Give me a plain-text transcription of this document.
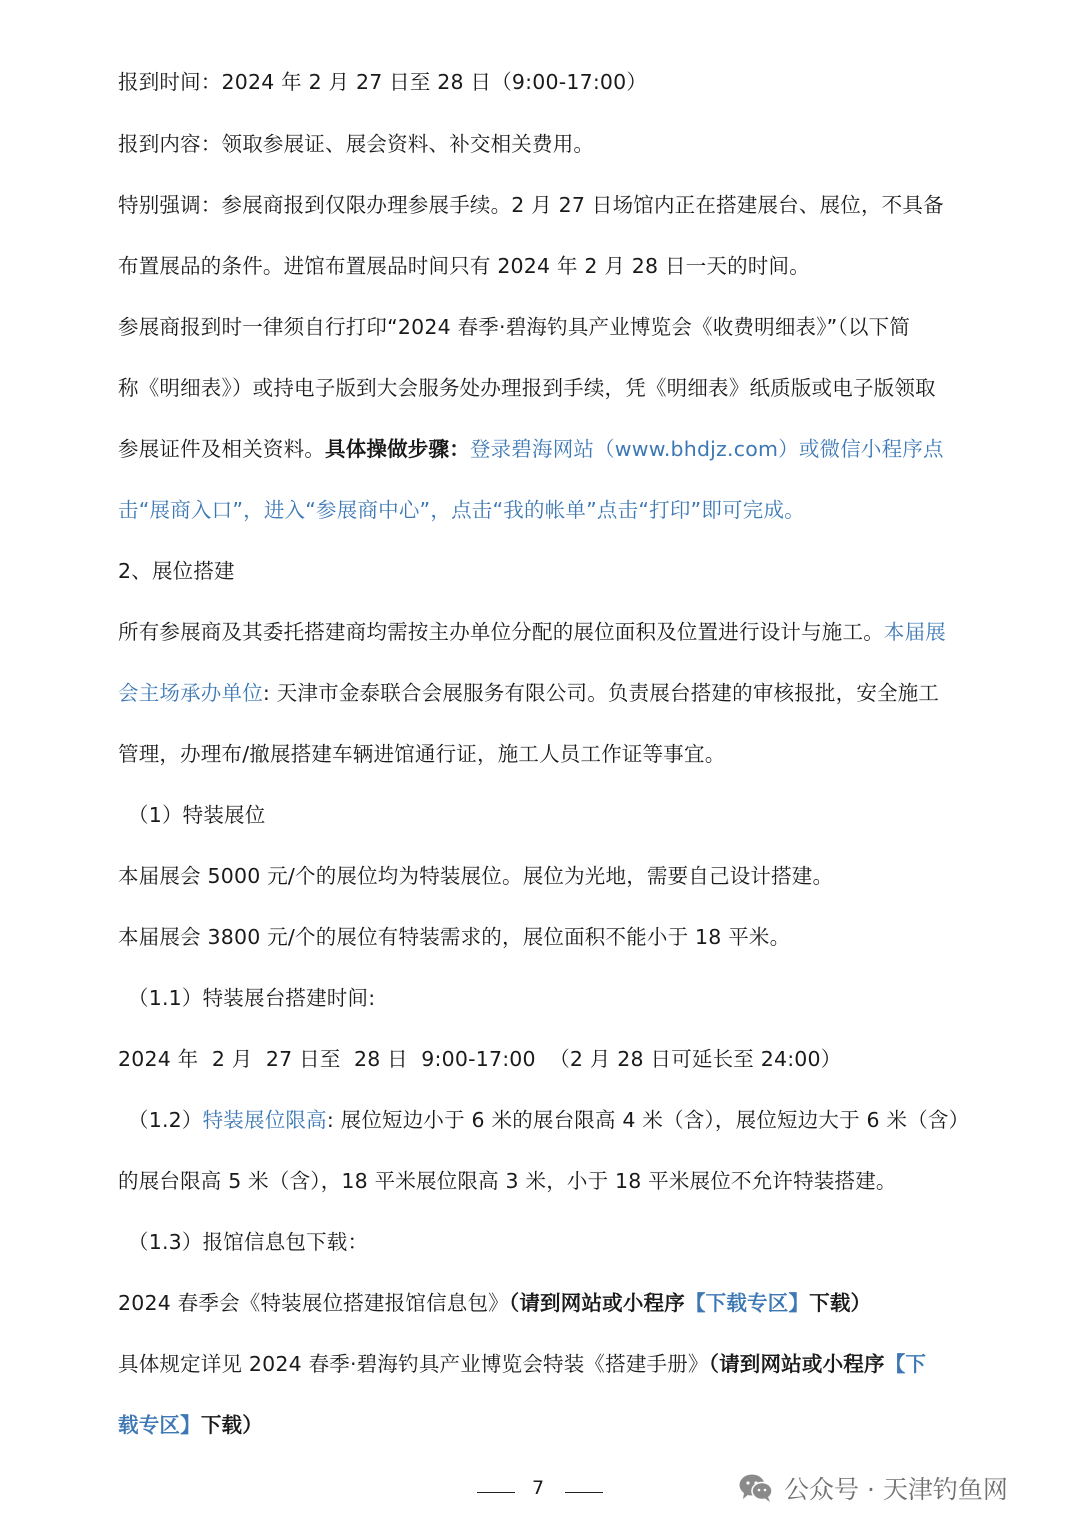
报到时间：2024 年 2 月 27 日至 28 日（9:00-17:00）
报到内容：领取参展证、展会资料、补交相关费用。
特别强调：参展商报到仅限办理参展手续。2 月 27 日场馆内正在搭建展台、展位，不具备
布置展品的条件。进馆布置展品时间只有 2024 年 2 月 28 日一天的时间。
参展商报到时一律须自行打印“2024 春季·碧海钓具产业博览会《收费明细表》”（以下简
称《明细表》）或持电子版到大会服务处办理报到手续，凭《明细表》纸质版或电子版领取
参展证件及相关资料。具体操做步骤：登录碧海网站（www.bhdjz.com）或微信小程序点
击“展商入口”，进入“参展商中心”，点击“我的帐单”点击“打印”即可完成。
2、展位搭建
所有参展商及其委托搭建商均需按主办单位分配的展位面积及位置进行设计与施工。本届展
会主场承办单位: 天津市金泰联合会展服务有限公司。负责展台搭建的审核报批，安全施工
管理，办理布/撤展搭建车辆进馆通行证，施工人员工作证等事宜。
（1）特装展位
本届展会 5000 元/个的展位均为特装展位。展位为光地，需要自己设计搭建。
本届展会 3800 元/个的展位有特装需求的，展位面积不能小于 18 平米。
（1.1）特装展台搭建时间:
2024 年  2 月  27 日至  28 日  9:00-17:00  （2 月 28 日可延长至 24:00）
（1.2）特装展位限高: 展位短边小于 6 米的展台限高 4 米（含），展位短边大于 6 米（含）
的展台限高 5 米（含），18 平米展位限高 3 米，小于 18 平米展位不允许特装搭建。
（1.3）报馆信息包下载：
2024 春季会《特装展位搭建报馆信息包》（请到网站或小程序【下载专区】下载）
具体规定详见 2024 春季·碧海钓具产业博览会特装《搭建手册》（请到网站或小程序【下
载专区】下载）
7	公众号 · 天津钓鱼网
